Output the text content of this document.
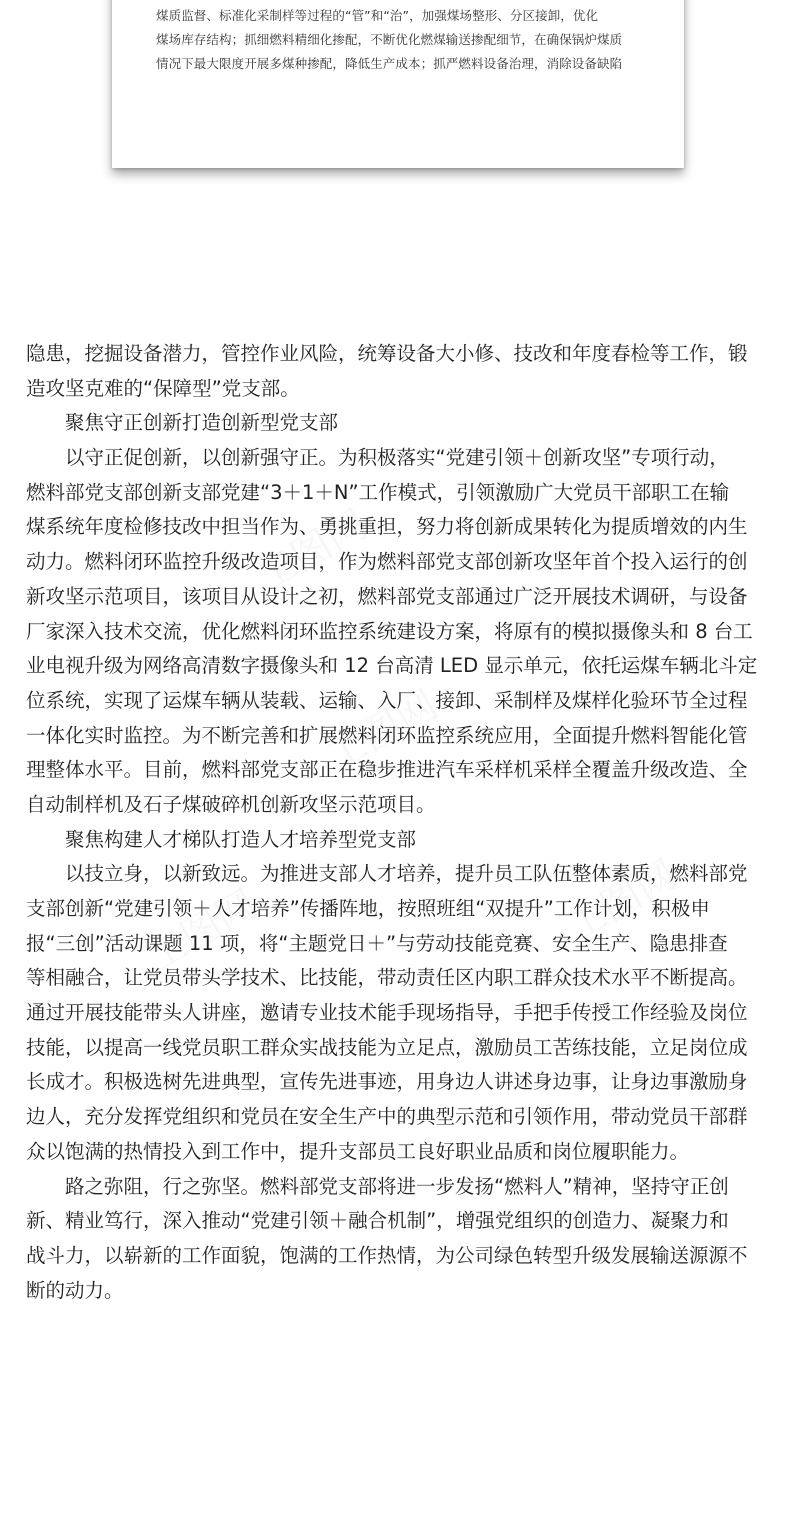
煤质监督、标准化采制样等过程的“管”和“治”，加强煤场整形、分区接卸，优化
煤场库存结构；抓细燃料精细化掺配，不断优化燃煤输送掺配细节，在确保锅炉煤质
情况下最大限度开展多煤种掺配，降低生产成本；抓严燃料设备治理，消除设备缺陷
隐患，挖掘设备潜力，管控作业风险，统筹设备大小修、技改和年度春检等工作，锻
造攻坚克难的“保障型”党支部。
聚焦守正创新打造创新型党支部
以守正促创新，以创新强守正。为积极落实“党建引领＋创新攻坚”专项行动，
燃料部党支部创新支部党建“3＋1＋N”工作模式，引领激励广大党员干部职工在输
煤系统年度检修技改中担当作为、勇挑重担，努力将创新成果转化为提质增效的内生
动力。燃料闭环监控升级改造项目，作为燃料部党支部创新攻坚年首个投入运行的创
新攻坚示范项目，该项目从设计之初，燃料部党支部通过广泛开展技术调研，与设备
厂家深入技术交流，优化燃料闭环监控系统建设方案，将原有的模拟摄像头和 8 台工
业电视升级为网络高清数字摄像头和 12 台高清 LED 显示单元，依托运煤车辆北斗定
位系统，实现了运煤车辆从装载、运输、入厂、接卸、采制样及煤样化验环节全过程
一体化实时监控。为不断完善和扩展燃料闭环监控系统应用，全面提升燃料智能化管
理整体水平。目前，燃料部党支部正在稳步推进汽车采样机采样全覆盖升级改造、全
自动制样机及石子煤破碎机创新攻坚示范项目。
聚焦构建人才梯队打造人才培养型党支部
以技立身，以新致远。为推进支部人才培养，提升员工队伍整体素质，燃料部党
支部创新“党建引领＋人才培养”传播阵地，按照班组“双提升”工作计划，积极申
报“三创”活动课题 11 项，将“主题党日＋”与劳动技能竞赛、安全生产、隐患排查
等相融合，让党员带头学技术、比技能，带动责任区内职工群众技术水平不断提高。
通过开展技能带头人讲座，邀请专业技术能手现场指导，手把手传授工作经验及岗位
技能，以提高一线党员职工群众实战技能为立足点，激励员工苦练技能，立足岗位成
长成才。积极选树先进典型，宣传先进事迹，用身边人讲述身边事，让身边事激励身
边人，充分发挥党组织和党员在安全生产中的典型示范和引领作用，带动党员干部群
众以饱满的热情投入到工作中，提升支部员工良好职业品质和岗位履职能力。
路之弥阻，行之弥坚。燃料部党支部将进一步发扬“燃料人”精神，坚持守正创
新、精业笃行，深入推动“党建引领＋融合机制”，增强党组织的创造力、凝聚力和
战斗力，以崭新的工作面貌，饱满的工作热情，为公司绿色转型升级发展输送源源不
断的动力。
